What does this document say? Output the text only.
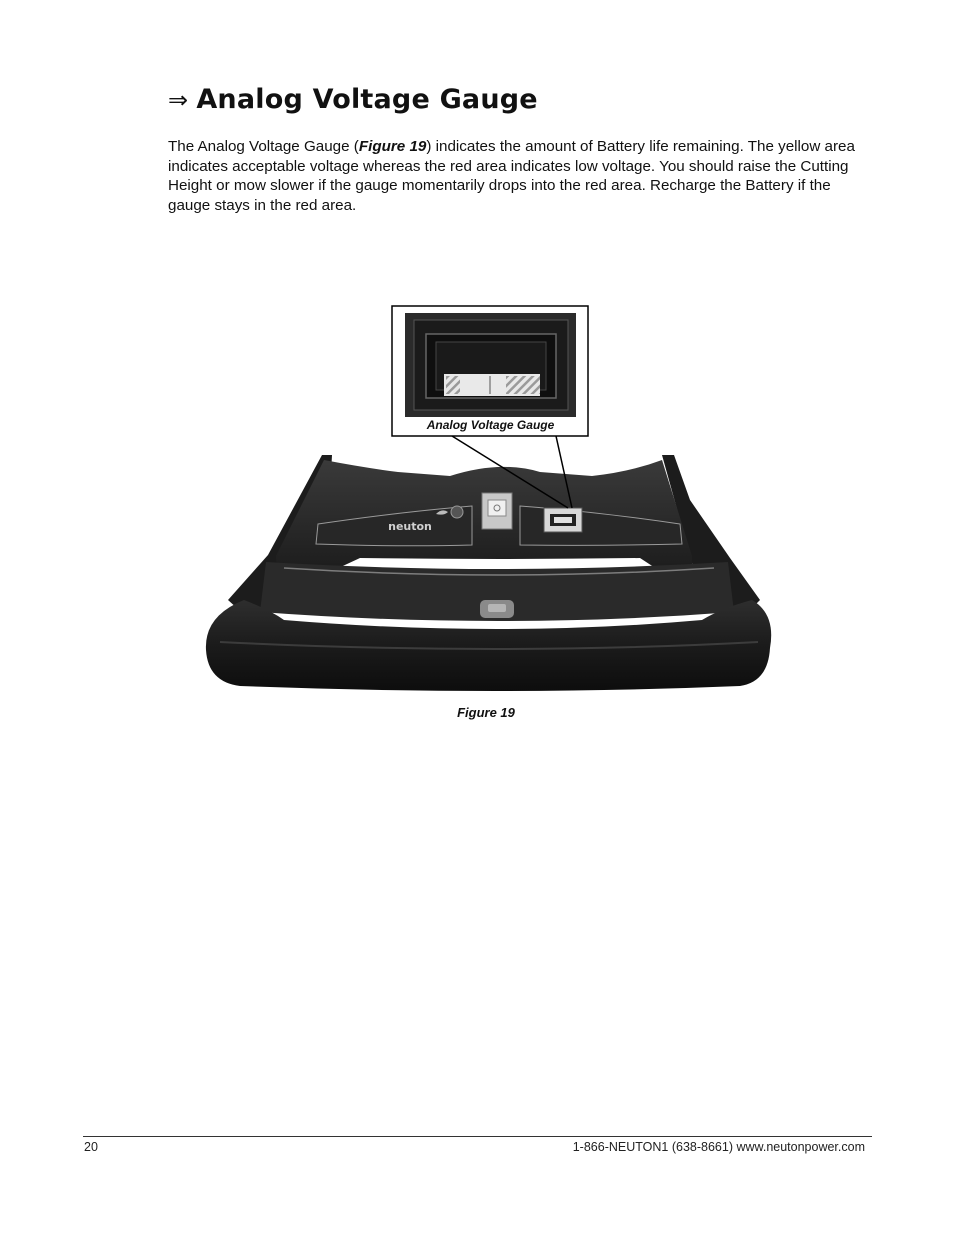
⇒ Analog Voltage Gauge

The Analog Voltage Gauge (Figure 19) indicates the amount of Battery life remaining. The yellow area indicates acceptable voltage whereas the red area indicates low voltage. You should raise the Cutting Height or mow slower if the gauge momentarily drops into the red area. Recharge the Battery if the gauge stays in the red area.

neuton
Analog Voltage Gauge
Figure 19
20	1-866-NEUTON1 (638-8661) www.neutonpower.com
